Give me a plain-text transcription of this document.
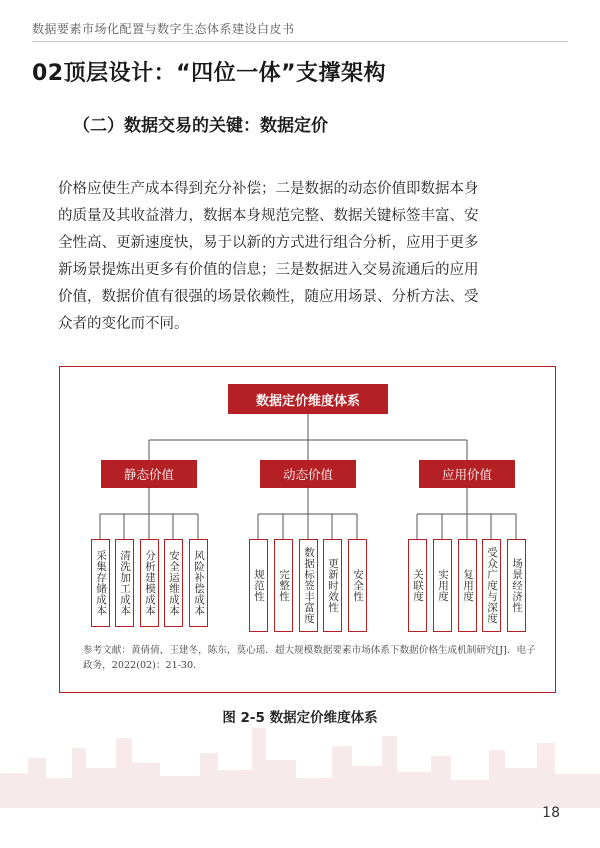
数据要素市场化配置与数字生态体系建设白皮书
02顶层设计：“四位一体”支撑架构
（二）数据交易的关键：数据定价
价格应使生产成本得到充分补偿；二是数据的动态价值即数据本身
的质量及其收益潜力，数据本身规范完整、数据关键标签丰富、安
全性高、更新速度快，易于以新的方式进行组合分析，应用于更多
新场景提炼出更多有价值的信息；三是数据进入交易流通后的应用
价值，数据价值有很强的场景依赖性，随应用场景、分析方法、受
众者的变化而不同。
数据定价维度体系
静态价值	动态价值	应用价值
采集存储成本 清洗加工成本 分析建模成本 安全运维成本 风险补偿成本	规范性 完整性 数据标签丰富度 更新时效性 安全性	关联度 实用度 复用度 受众广度与深度 场景经济性
参考文献：黄倩倩，王建冬，陈东，莫心瑶．超大规模数据要素市场体系下数据价格生成机制研究[J]．电子政务，2022(02)：21-30.
图 2-5 数据定价维度体系
18
